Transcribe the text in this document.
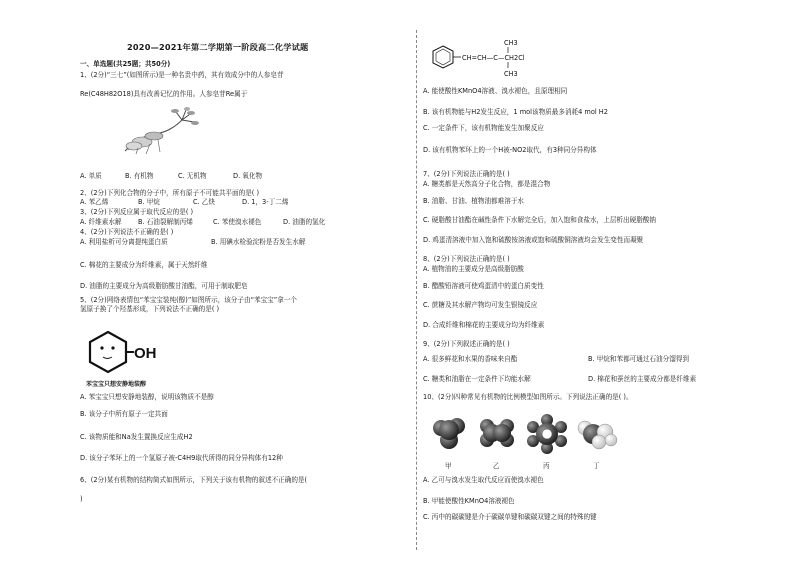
2020—2021年第二学期第一阶段高二化学试题
一、单选题(共25题；共50分)
1、(2分)“三七”(如图所示)是一种名贵中药，其有效成分中的人参皂苷
Re(C48H82O18)具有改善记忆的作用。人参皂苷Re属于
A. 单质	B. 有机物	C. 无机物	D. 氧化物
2、(2分)下列化合物的分子中，所有原子不可能共平面的是( )
A. 苯乙烯	B. 甲烷	C. 乙炔	D. 1，3-丁二烯
3、(2分)下列反应属于取代反应的是( )
A. 纤维素水解 B. 石油裂解制丙烯	C. 苯使溴水褪色	D. 油脂的氢化
4、(2分)下列说法不正确的是( )
A. 利用盐析可分离提纯蛋白质	B. 用碘水检验淀粉是否发生水解
C. 棉花的主要成分为纤维素，属于天然纤维
D. 油脂的主要成分为高级脂肪酸甘油酯，可用于制取肥皂
5、(2分)网络表情包“苯宝宝装纯(醇)”如图所示，该分子由“苯宝宝”拿一个
氢原子换了个羟基形成，下列说法不正确的是( )
OH
苯宝宝只想安静地装醇
A. 苯宝宝只想安静地装醇，说明该物质不是醇
B. 该分子中所有原子一定共面
C. 该物质能和Na发生置换反应生成H2
D. 该分子苯环上的一个氢原子被-C4H9取代所得的同分异构体有12种
6、(2分)某有机物的结构简式如图所示，下列关于该有机物的叙述不正确的是(
)
CH=CH—C—CH2Cl
CH3
CH3
A. 能使酸性KMnO4溶液、溴水褪色，且原理相同
B. 该有机物能与H2发生反应，1 mol该物质最多消耗4 mol H2
C. 一定条件下，该有机物能发生加聚反应
D. 该有机物苯环上的一个H被-NO2取代，有3种同分异构体
7、(2分)下列说法正确的是( )
A. 糖类都是天然高分子化合物，都是混合物
B. 油脂、甘油、植物油都难溶于水
C. 硬脂酸甘油酯在碱性条件下水解完全后，加入饱和食盐水，上层析出硬脂酸钠
D. 鸡蛋清溶液中加入饱和硫酸铵溶液或饱和硫酸铜溶液均会发生变性而凝聚
8、(2分)下列说法正确的是( )
A. 植物油的主要成分是高级脂肪酸
B. 醋酸铅溶液可使鸡蛋清中的蛋白质变性
C. 蔗糖及其水解产物均可发生银镜反应
D. 合成纤维和棉花的主要成分均为纤维素
9、(2分)下列叙述正确的是( )
A. 很多鲜花和水果的香味来自酯	B. 甲烷和苯都可通过石油分馏得到
C. 糖类和油脂在一定条件下均能水解	D. 棉花和蚕丝的主要成分都是纤维素
10、(2分)四种常见有机物的比例模型如图所示。下列说法正确的是( )。
甲	乙	丙	丁
A. 乙可与溴水发生取代反应而使溴水褪色
B. 甲能使酸性KMnO4溶液褪色
C. 丙中的碳碳键是介于碳碳单键和碳碳双键之间的特殊的键
